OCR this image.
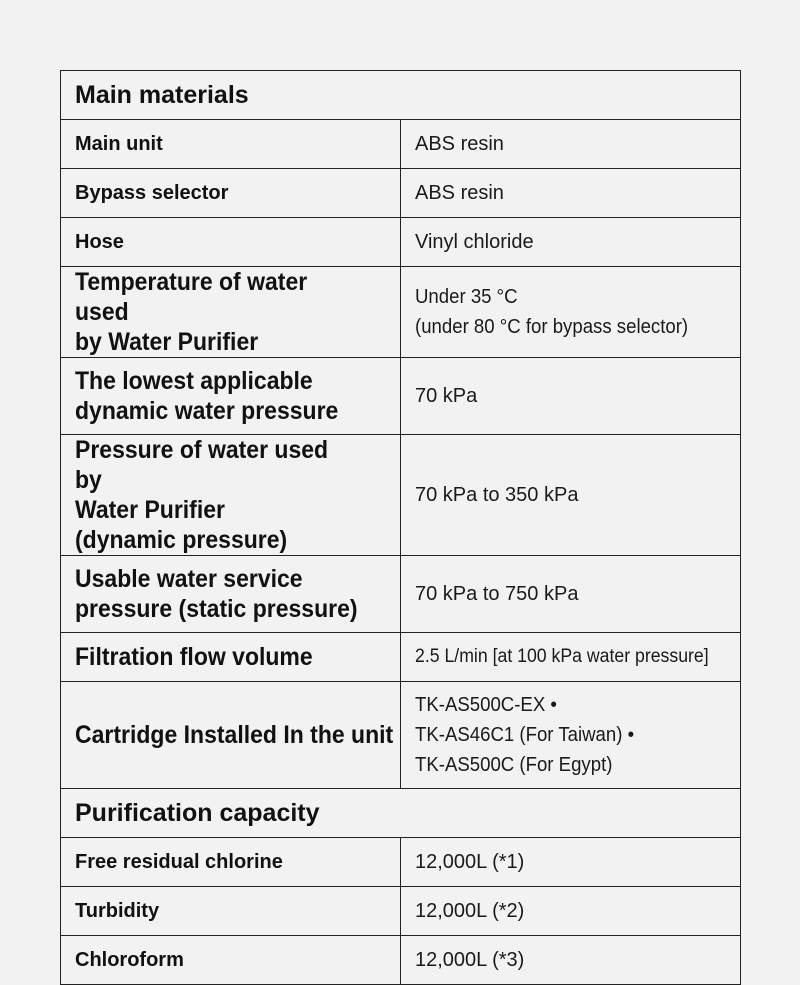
Main materials	
Main unit	ABS resin
Bypass selector	ABS resin
Hose	Vinyl chloride
Temperature of water used
by Water Purifier	Under 35 °C
(under 80 °C for bypass selector)
The lowest applicable
dynamic water pressure	70 kPa
Pressure of water used by
Water Purifier
(dynamic pressure)	70 kPa to 350 kPa
Usable water service
pressure (static pressure)	70 kPa to 750 kPa
Filtration flow volume	2.5 L/min [at 100 kPa water pressure]
Cartridge Installed In the unit	TK-AS500C-EX •
TK-AS46C1 (For Taiwan) •
TK-AS500C (For Egypt)
Purification capacity	
Free residual chlorine	12,000L (*1)
Turbidity	12,000L (*2)
Chloroform	12,000L (*3)
